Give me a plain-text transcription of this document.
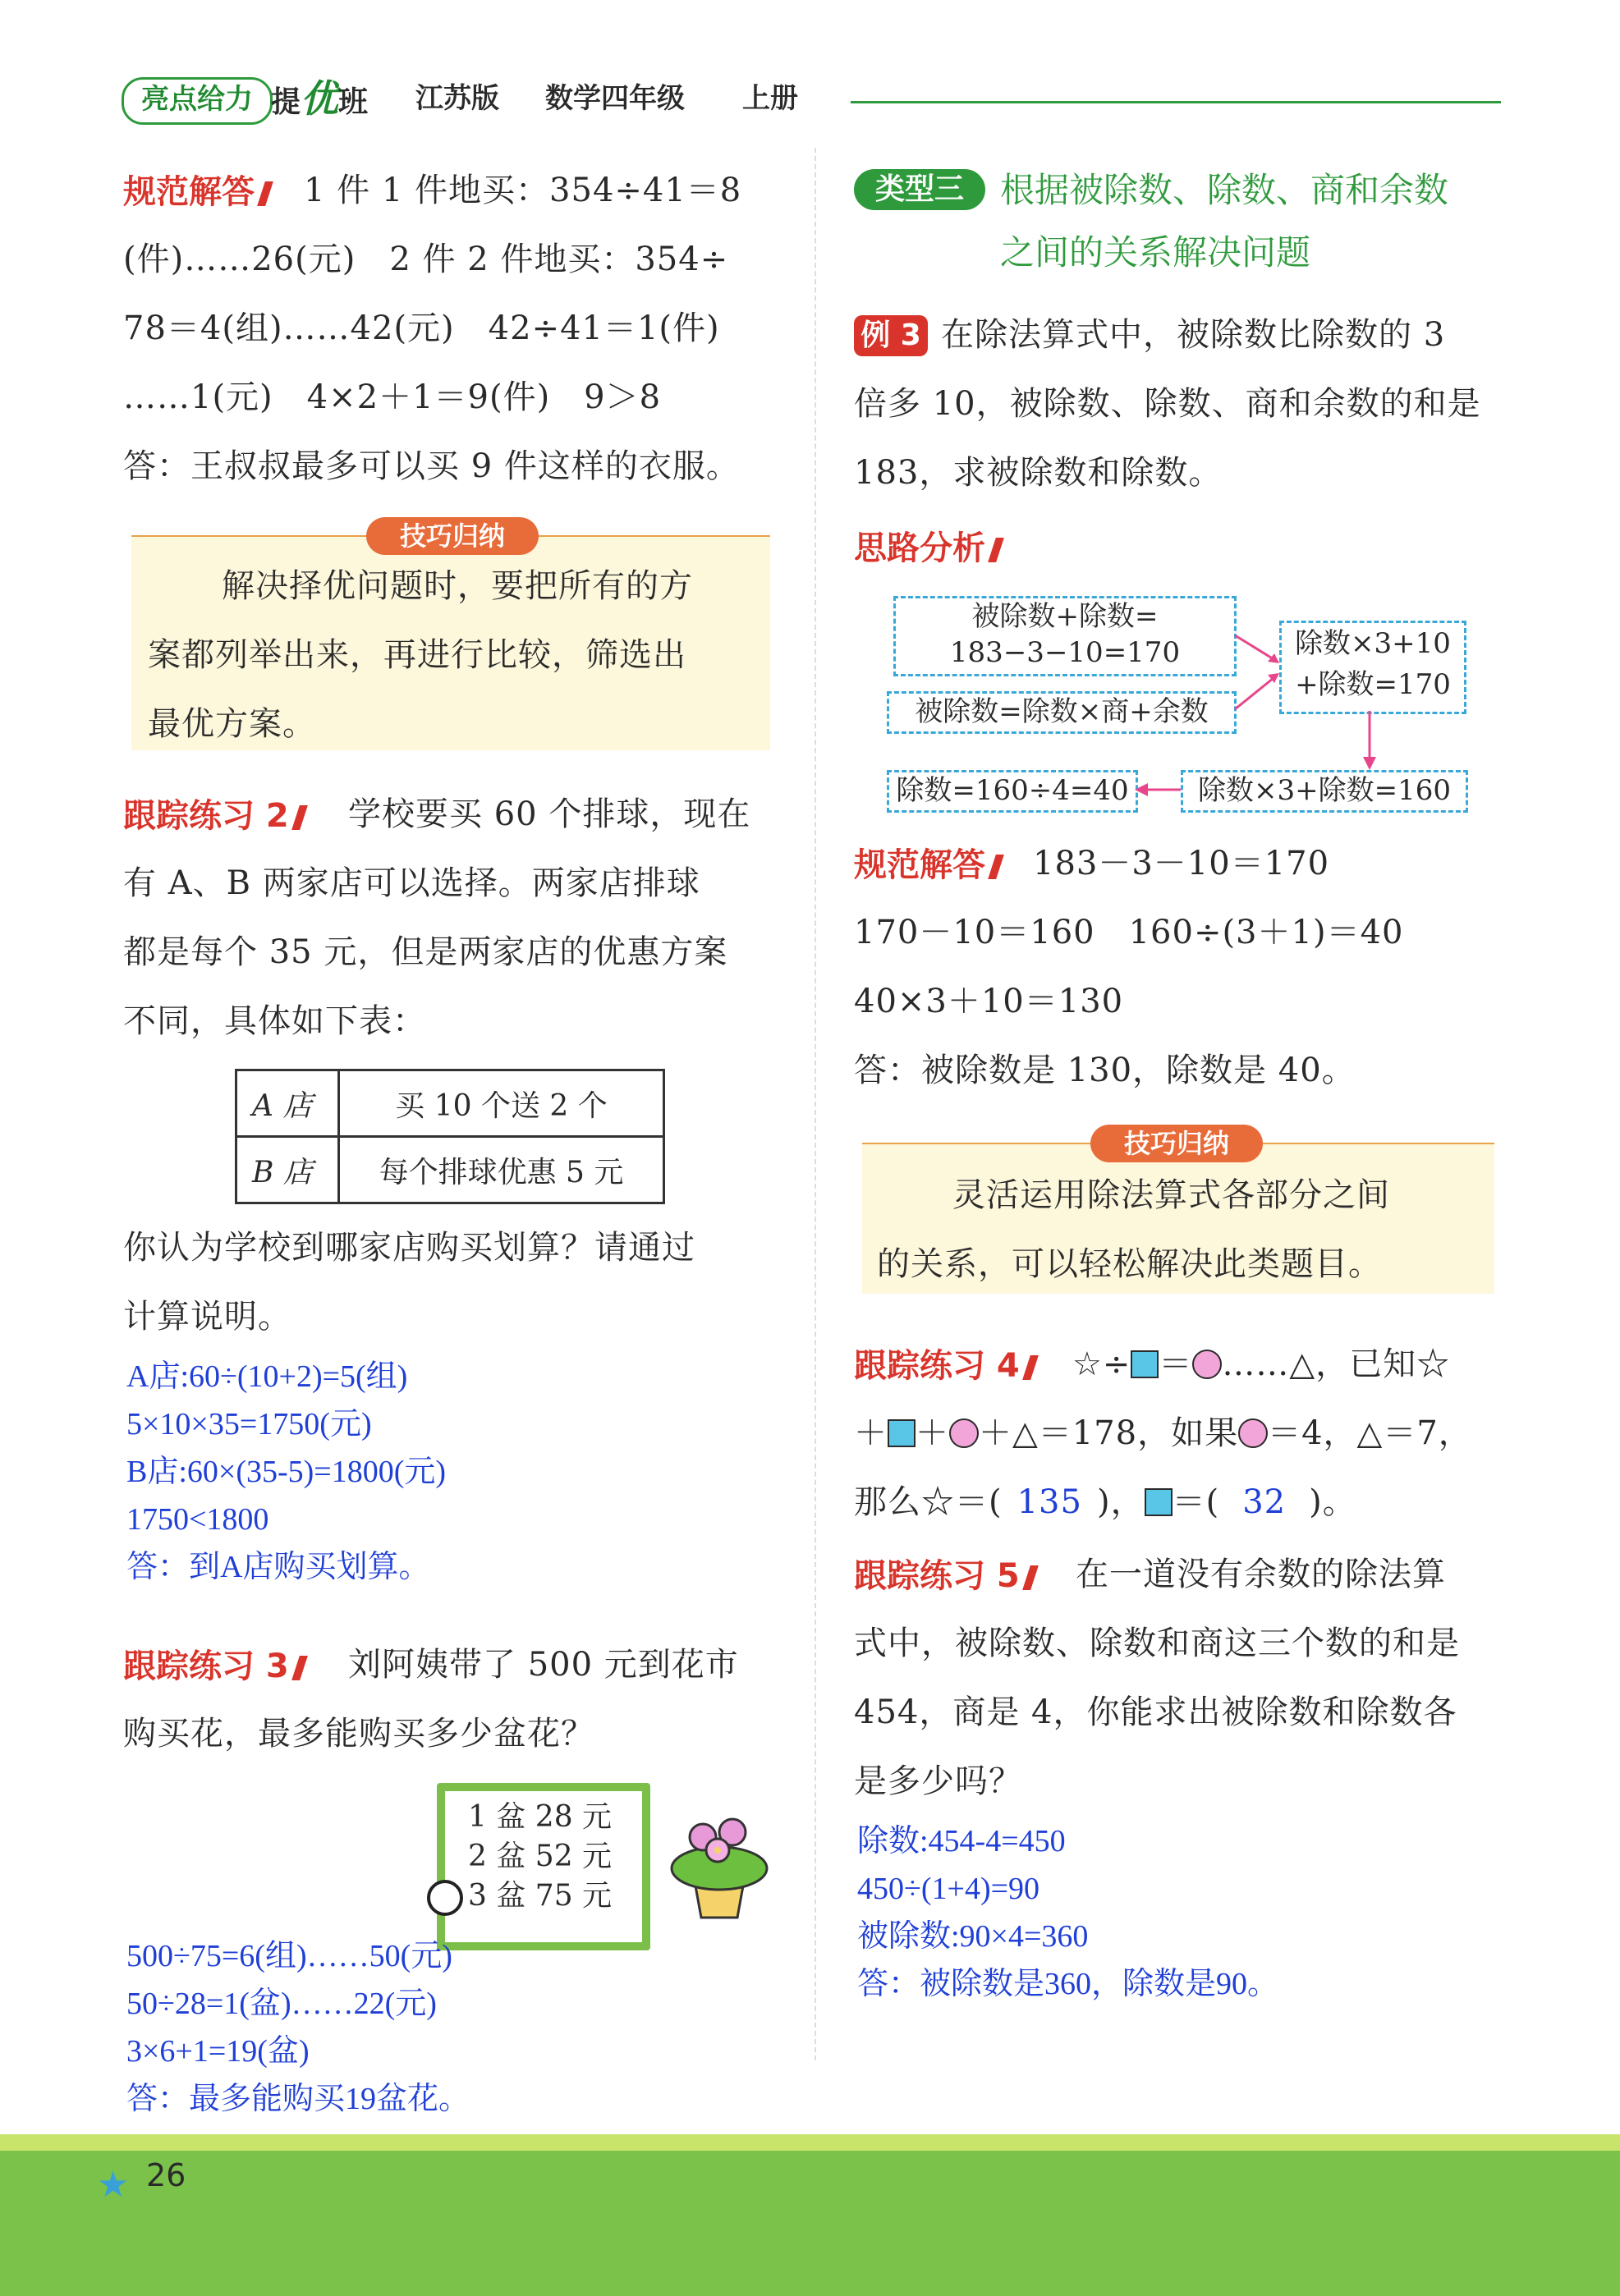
亮点给力 提优班 江苏版 数学四年级 上册
规范解答	1 件 1 件地买：354÷41＝8
(件)……26(元)　2 件 2 件地买：354÷
78＝4(组)……42(元)　42÷41＝1(件)
……1(元)　4×2＋1＝9(件)　9＞8
答：王叔叔最多可以买 9 件这样的衣服。
技巧归纳
解决择优问题时，要把所有的方
案都列举出来，再进行比较，筛选出
最优方案。
跟踪练习 2	学校要买 60 个排球，现在
有 A、B 两家店可以选择。两家店排球
都是每个 35 元，但是两家店的优惠方案
不同，具体如下表：
A 店	买 10 个送 2 个
B 店	每个排球优惠 5 元
你认为学校到哪家店购买划算？请通过
计算说明。
A店:60÷(10+2)=5(组)
5×10×35=1750(元)
B店:60×(35-5)=1800(元)
1750<1800
答：到A店购买划算。
跟踪练习 3	刘阿姨带了 500 元到花市
购买花，最多能购买多少盆花？
1 盆 28 元
2 盆 52 元
3 盆 75 元
500÷75=6(组)……50(元)
50÷28=1(盆)……22(元)
3×6+1=19(盆)
答：最多能购买19盆花。
类型三	根据被除数、除数、商和余数
之间的关系解决问题
例 3 在除法算式中，被除数比除数的 3
倍多 10，被除数、除数、商和余数的和是
183，求被除数和除数。
思路分析
被除数+除数=
183−3−10=170
被除数=除数×商+余数
除数×3+10
+除数=170
除数×3+除数=160
除数=160÷4=40
规范解答	183－3－10＝170
170－10＝160　160÷(3＋1)＝40
40×3＋10＝130
答：被除数是 130，除数是 40。
技巧归纳
灵活运用除法算式各部分之间
的关系，可以轻松解决此类题目。
跟踪练习 4	☆÷ ＝ ……△，已知☆
＋ ＋ ＋△＝178，如果 ＝4，△＝7，
那么☆＝( 135 )， ＝( 32 )。
跟踪练习 5	在一道没有余数的除法算
式中，被除数、除数和商这三个数的和是
454，商是 4，你能求出被除数和除数各
是多少吗？
除数:454-4=450
450÷(1+4)=90
被除数:90×4=360
答：被除数是360，除数是90。
★ 26
